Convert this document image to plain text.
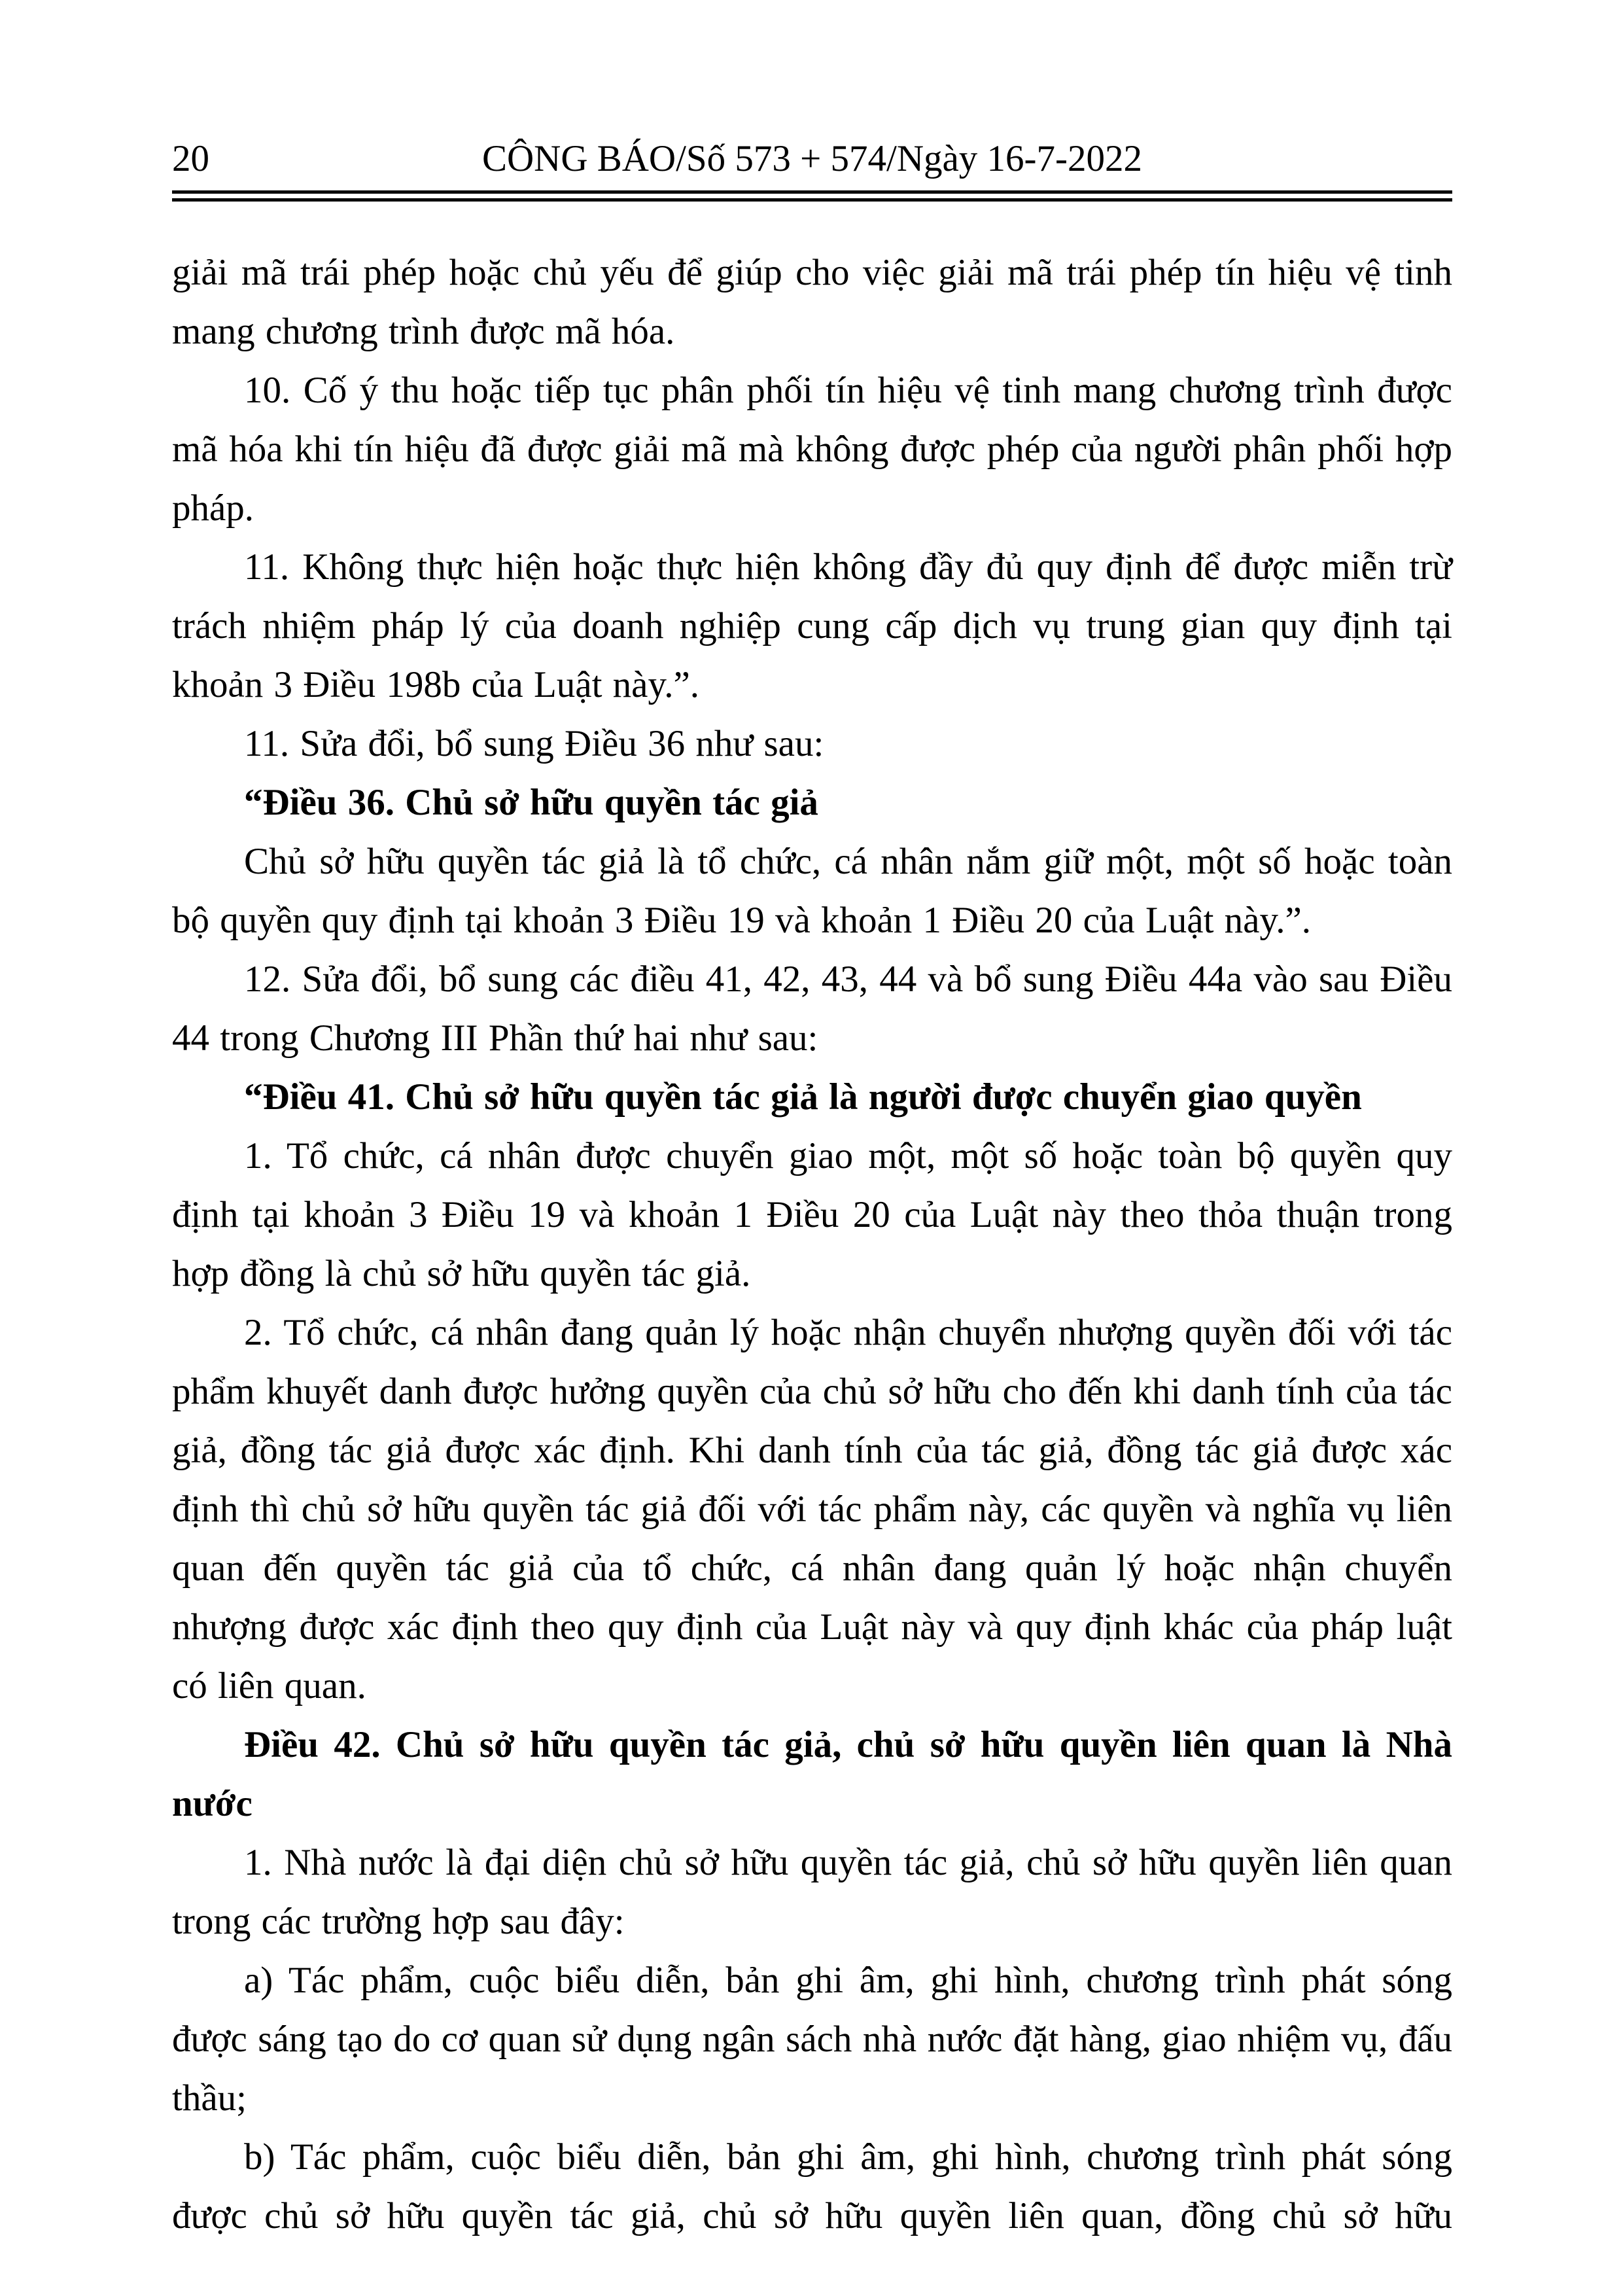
20	CÔNG BÁO/Số 573 + 574/Ngày 16-7-2022

giải mã trái phép hoặc chủ yếu để giúp cho việc giải mã trái phép tín hiệu vệ tinh mang chương trình được mã hóa.

10. Cố ý thu hoặc tiếp tục phân phối tín hiệu vệ tinh mang chương trình được mã hóa khi tín hiệu đã được giải mã mà không được phép của người phân phối hợp pháp.

11. Không thực hiện hoặc thực hiện không đầy đủ quy định để được miễn trừ trách nhiệm pháp lý của doanh nghiệp cung cấp dịch vụ trung gian quy định tại khoản 3 Điều 198b của Luật này.”.

11. Sửa đổi, bổ sung Điều 36 như sau:

“Điều 36. Chủ sở hữu quyền tác giả

Chủ sở hữu quyền tác giả là tổ chức, cá nhân nắm giữ một, một số hoặc toàn bộ quyền quy định tại khoản 3 Điều 19 và khoản 1 Điều 20 của Luật này.”.

12. Sửa đổi, bổ sung các điều 41, 42, 43, 44 và bổ sung Điều 44a vào sau Điều 44 trong Chương III Phần thứ hai như sau:

“Điều 41. Chủ sở hữu quyền tác giả là người được chuyển giao quyền

1. Tổ chức, cá nhân được chuyển giao một, một số hoặc toàn bộ quyền quy định tại khoản 3 Điều 19 và khoản 1 Điều 20 của Luật này theo thỏa thuận trong hợp đồng là chủ sở hữu quyền tác giả.

2. Tổ chức, cá nhân đang quản lý hoặc nhận chuyển nhượng quyền đối với tác phẩm khuyết danh được hưởng quyền của chủ sở hữu cho đến khi danh tính của tác giả, đồng tác giả được xác định. Khi danh tính của tác giả, đồng tác giả được xác định thì chủ sở hữu quyền tác giả đối với tác phẩm này, các quyền và nghĩa vụ liên quan đến quyền tác giả của tổ chức, cá nhân đang quản lý hoặc nhận chuyển nhượng được xác định theo quy định của Luật này và quy định khác của pháp luật có liên quan.

Điều 42. Chủ sở hữu quyền tác giả, chủ sở hữu quyền liên quan là Nhà nước

1. Nhà nước là đại diện chủ sở hữu quyền tác giả, chủ sở hữu quyền liên quan trong các trường hợp sau đây:

a) Tác phẩm, cuộc biểu diễn, bản ghi âm, ghi hình, chương trình phát sóng được sáng tạo do cơ quan sử dụng ngân sách nhà nước đặt hàng, giao nhiệm vụ, đấu thầu;

b) Tác phẩm, cuộc biểu diễn, bản ghi âm, ghi hình, chương trình phát sóng được chủ sở hữu quyền tác giả, chủ sở hữu quyền liên quan, đồng chủ sở hữu
